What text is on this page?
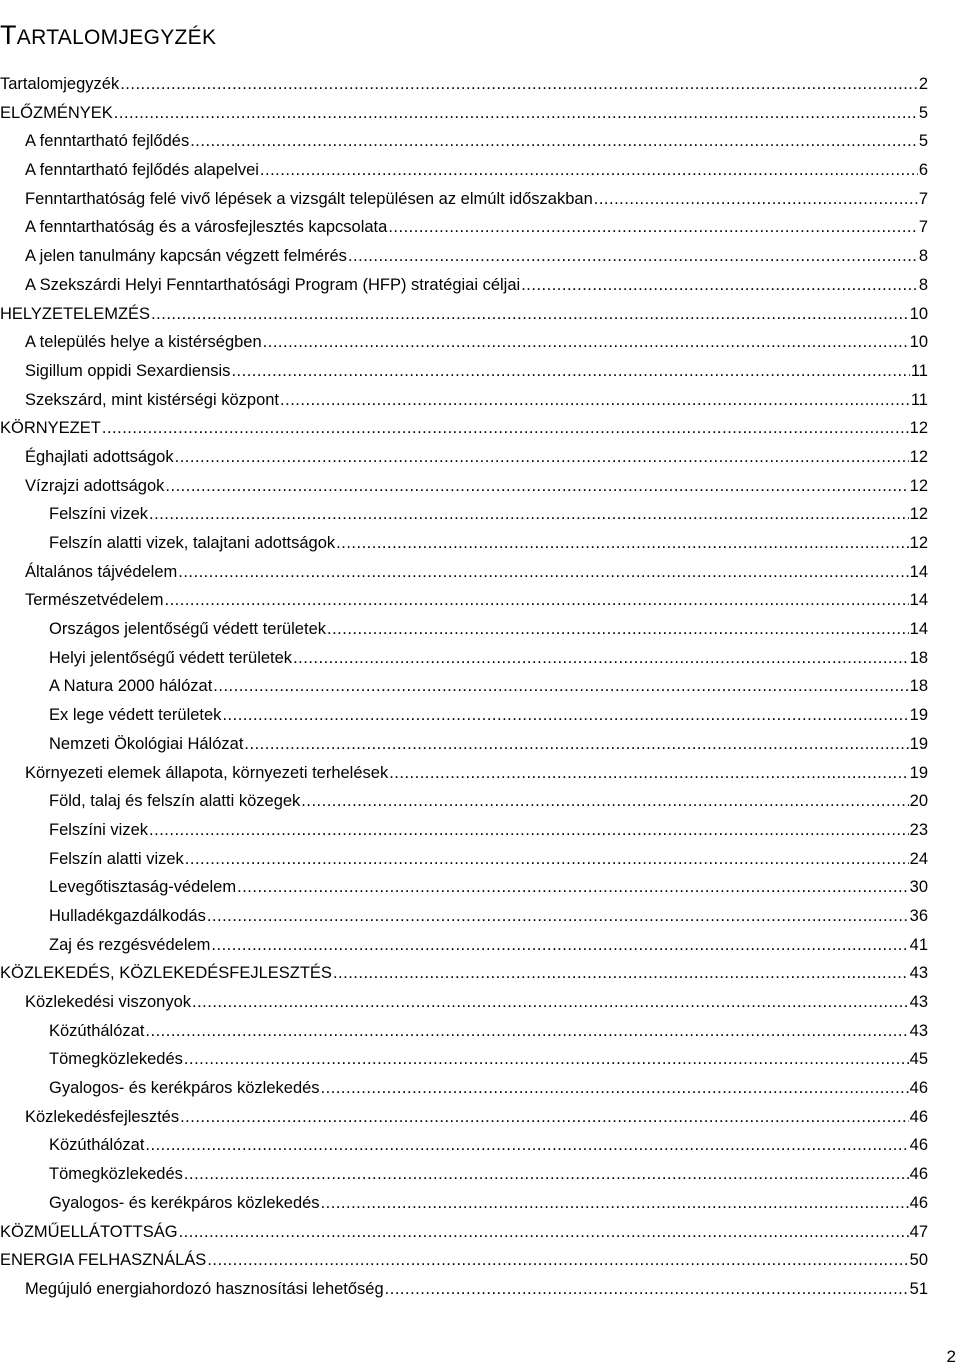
TARTALOMJEGYZÉK
Tartalomjegyzék .....	2
ELŐZMÉNYEK .....	5
A fenntartható fejlődés .....	5
A fenntartható fejlődés alapelvei .....	6
Fenntarthatóság felé vivő lépések a vizsgált településen az elmúlt időszakban .....	7
A fenntarthatóság és a városfejlesztés kapcsolata .....	7
A jelen tanulmány kapcsán végzett felmérés .....	8
A Szekszárdi Helyi Fenntarthatósági Program (HFP) stratégiai céljai .....	8
HELYZETELEMZÉS .....	10
A település helye a kistérségben .....	10
Sigillum oppidi Sexardiensis .....	11
Szekszárd, mint kistérségi központ .....	11
KÖRNYEZET .....	12
Éghajlati adottságok .....	12
Vízrajzi adottságok .....	12
Felszíni vizek .....	12
Felszín alatti vizek, talajtani adottságok .....	12
Általános tájvédelem .....	14
Természetvédelem .....	14
Országos jelentőségű védett területek .....	14
Helyi jelentőségű védett területek .....	18
A Natura 2000 hálózat .....	18
Ex lege védett területek .....	19
Nemzeti Ökológiai Hálózat .....	19
Környezeti elemek állapota, környezeti terhelések .....	19
Föld, talaj és felszín alatti közegek .....	20
Felszíni vizek .....	23
Felszín alatti vizek .....	24
Levegőtisztaság-védelem .....	30
Hulladékgazdálkodás .....	36
Zaj és rezgésvédelem .....	41
KÖZLEKEDÉS, KÖZLEKEDÉSFEJLESZTÉS .....	43
Közlekedési viszonyok .....	43
Közúthálózat .....	43
Tömegközlekedés .....	45
Gyalogos- és kerékpáros közlekedés .....	46
Közlekedésfejlesztés .....	46
Közúthálózat .....	46
Tömegközlekedés .....	46
Gyalogos- és kerékpáros közlekedés .....	46
KÖZMŰELLÁTOTTSÁG .....	47
ENERGIA FELHASZNÁLÁS .....	50
Megújuló energiahordozó hasznosítási lehetőség .....	51
2
